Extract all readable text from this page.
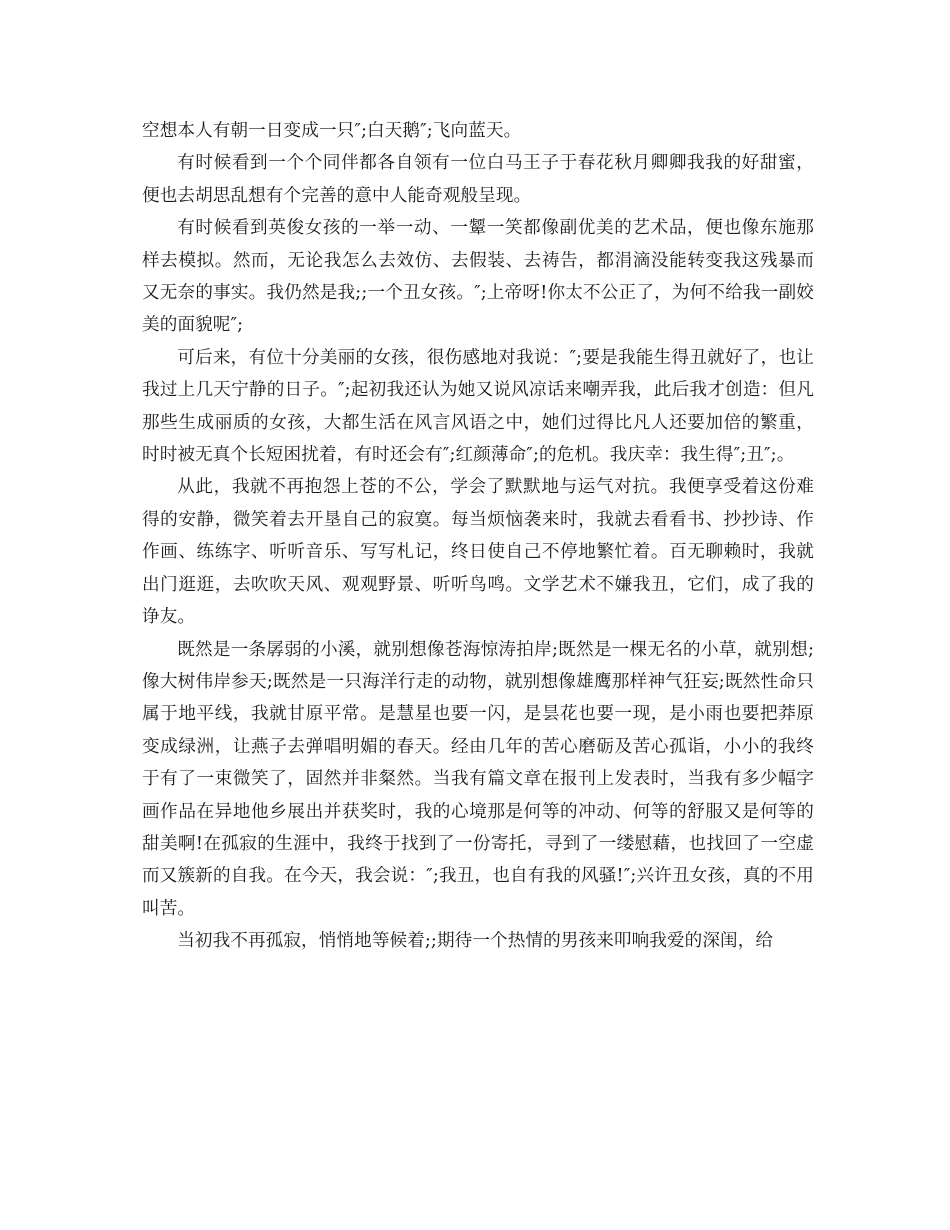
空想本人有朝一日变成一只″;白天鹅″;飞向蓝天。

有时候看到一个个同伴都各自领有一位白马王子于春花秋月卿卿我我的好甜蜜，便也去胡思乱想有个完善的意中人能奇观般呈现。

有时候看到英俊女孩的一举一动、一颦一笑都像副优美的艺术品，便也像东施那样去模拟。然而，无论我怎么去效仿、去假装、去祷告，都涓滴没能转变我这残暴而又无奈的事实。我仍然是我;;一个丑女孩。″;上帝呀!你太不公正了，为何不给我一副姣美的面貌呢″;

可后来，有位十分美丽的女孩，很伤感地对我说：″;要是我能生得丑就好了，也让我过上几天宁静的日子。″;起初我还认为她又说风凉话来嘲弄我，此后我才创造：但凡那些生成丽质的女孩，大都生活在风言风语之中，她们过得比凡人还要加倍的繁重，时时被无真个长短困扰着，有时还会有″;红颜薄命″;的危机。我庆幸：我生得″;丑″;。

从此，我就不再抱怨上苍的不公，学会了默默地与运气对抗。我便享受着这份难得的安静，微笑着去开垦自己的寂寞。每当烦恼袭来时，我就去看看书、抄抄诗、作作画、练练字、听听音乐、写写札记，终日使自己不停地繁忙着。百无聊赖时，我就出门逛逛，去吹吹天风、观观野景、听听鸟鸣。文学艺术不嫌我丑，它们，成了我的诤友。

既然是一条孱弱的小溪，就别想像苍海惊涛拍岸;既然是一棵无名的小草，就别想;像大树伟岸参天;既然是一只海洋行走的动物，就别想像雄鹰那样神气狂妄;既然性命只属于地平线，我就甘原平常。是慧星也要一闪，是昙花也要一现，是小雨也要把莽原变成绿洲，让燕子去弹唱明媚的春天。经由几年的苦心磨砺及苦心孤诣，小小的我终于有了一束微笑了，固然并非粲然。当我有篇文章在报刊上发表时，当我有多少幅字画作品在异地他乡展出并获奖时，我的心境那是何等的冲动、何等的舒服又是何等的甜美啊!在孤寂的生涯中，我终于找到了一份寄托，寻到了一缕慰藉，也找回了一空虚而又簇新的自我。在今天，我会说：″;我丑，也自有我的风骚!″;兴许丑女孩，真的不用叫苦。

当初我不再孤寂，悄悄地等候着;;期待一个热情的男孩来叩响我爱的深闺，给
